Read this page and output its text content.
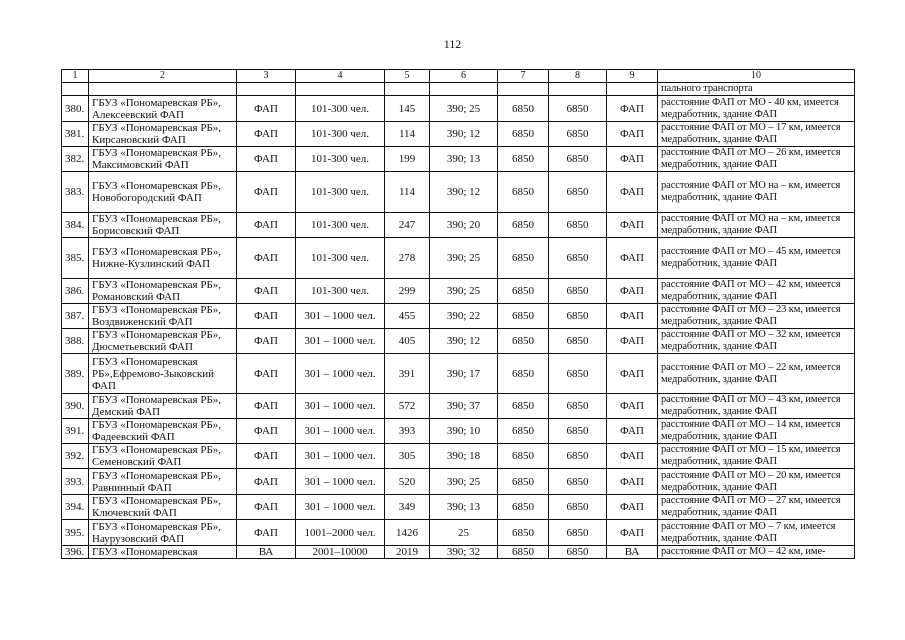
112
1	2	3	4	5	6	7	8	9	10
									пального транспорта
380.	ГБУЗ «Пономаревская РБ», Алексеевский ФАП	ФАП	101-300 чел.	145	390; 25	6850	6850	ФАП	расстояние ФАП от МО - 40 км, имеется медработник, здание ФАП
381.	ГБУЗ «Пономаревская РБ», Кирсановский ФАП	ФАП	101-300 чел.	114	390; 12	6850	6850	ФАП	расстояние ФАП от МО – 17 км, имеется медработник, здание ФАП
382.	ГБУЗ «Пономаревская РБ», Максимовский ФАП	ФАП	101-300 чел.	199	390; 13	6850	6850	ФАП	расстояние ФАП от МО – 26 км, имеется медработник, здание ФАП
383.	ГБУЗ «Пономаревская РБ», Новобогородский ФАП	ФАП	101-300 чел.	114	390; 12	6850	6850	ФАП	расстояние ФАП от МО на – км, имеется медработник, здание ФАП
384.	ГБУЗ «Пономаревская РБ», Борисовский ФАП	ФАП	101-300 чел.	247	390; 20	6850	6850	ФАП	расстояние ФАП от МО на – км, имеется медработник, здание ФАП
385.	ГБУЗ «Пономаревская РБ», Нижне-Кузлинский ФАП	ФАП	101-300 чел.	278	390; 25	6850	6850	ФАП	расстояние ФАП от МО – 45 км, имеется медработник, здание ФАП
386.	ГБУЗ «Пономаревская РБ», Романовский ФАП	ФАП	101-300 чел.	299	390; 25	6850	6850	ФАП	расстояние ФАП от МО – 42 км, имеется медработник, здание ФАП
387.	ГБУЗ «Пономаревская РБ», Воздвиженский ФАП	ФАП	301 – 1000 чел.	455	390; 22	6850	6850	ФАП	расстояние ФАП от МО – 23 км, имеется медработник, здание ФАП
388.	ГБУЗ «Пономаревская РБ», Дюсметьевский ФАП	ФАП	301 – 1000 чел.	405	390; 12	6850	6850	ФАП	расстояние ФАП от МО – 32 км, имеется медработник, здание ФАП
389.	ГБУЗ «Пономаревская РБ»,Ефремово-Зыковский ФАП	ФАП	301 – 1000 чел.	391	390; 17	6850	6850	ФАП	расстояние ФАП от МО – 22 км, имеется медработник, здание ФАП
390.	ГБУЗ «Пономаревская РБ», Демский ФАП	ФАП	301 – 1000 чел.	572	390; 37	6850	6850	ФАП	расстояние ФАП от МО – 43 км, имеется медработник, здание ФАП
391.	ГБУЗ «Пономаревская РБ», Фадеевский ФАП	ФАП	301 – 1000 чел.	393	390; 10	6850	6850	ФАП	расстояние ФАП от МО – 14 км, имеется медработник, здание ФАП
392.	ГБУЗ «Пономаревская РБ», Семеновский ФАП	ФАП	301 – 1000 чел.	305	390; 18	6850	6850	ФАП	расстояние ФАП от МО – 15 км, имеется медработник, здание ФАП
393.	ГБУЗ «Пономаревская РБ», Равнинный ФАП	ФАП	301 – 1000 чел.	520	390; 25	6850	6850	ФАП	расстояние ФАП от МО – 20 км, имеется медработник, здание ФАП
394.	ГБУЗ «Пономаревская РБ», Ключевский ФАП	ФАП	301 – 1000 чел.	349	390; 13	6850	6850	ФАП	расстояние ФАП от МО – 27 км, имеется медработник, здание ФАП
395.	ГБУЗ «Пономаревская РБ», Наурузовский ФАП	ФАП	1001–2000 чел.	1426	25	6850	6850	ФАП	расстояние ФАП от МО – 7 км, имеется медработник, здание ФАП
396.	ГБУЗ «Пономаревская	ВА	2001–10000	2019	390; 32	6850	6850	ВА	расстояние ФАП от МО – 42 км, име-
